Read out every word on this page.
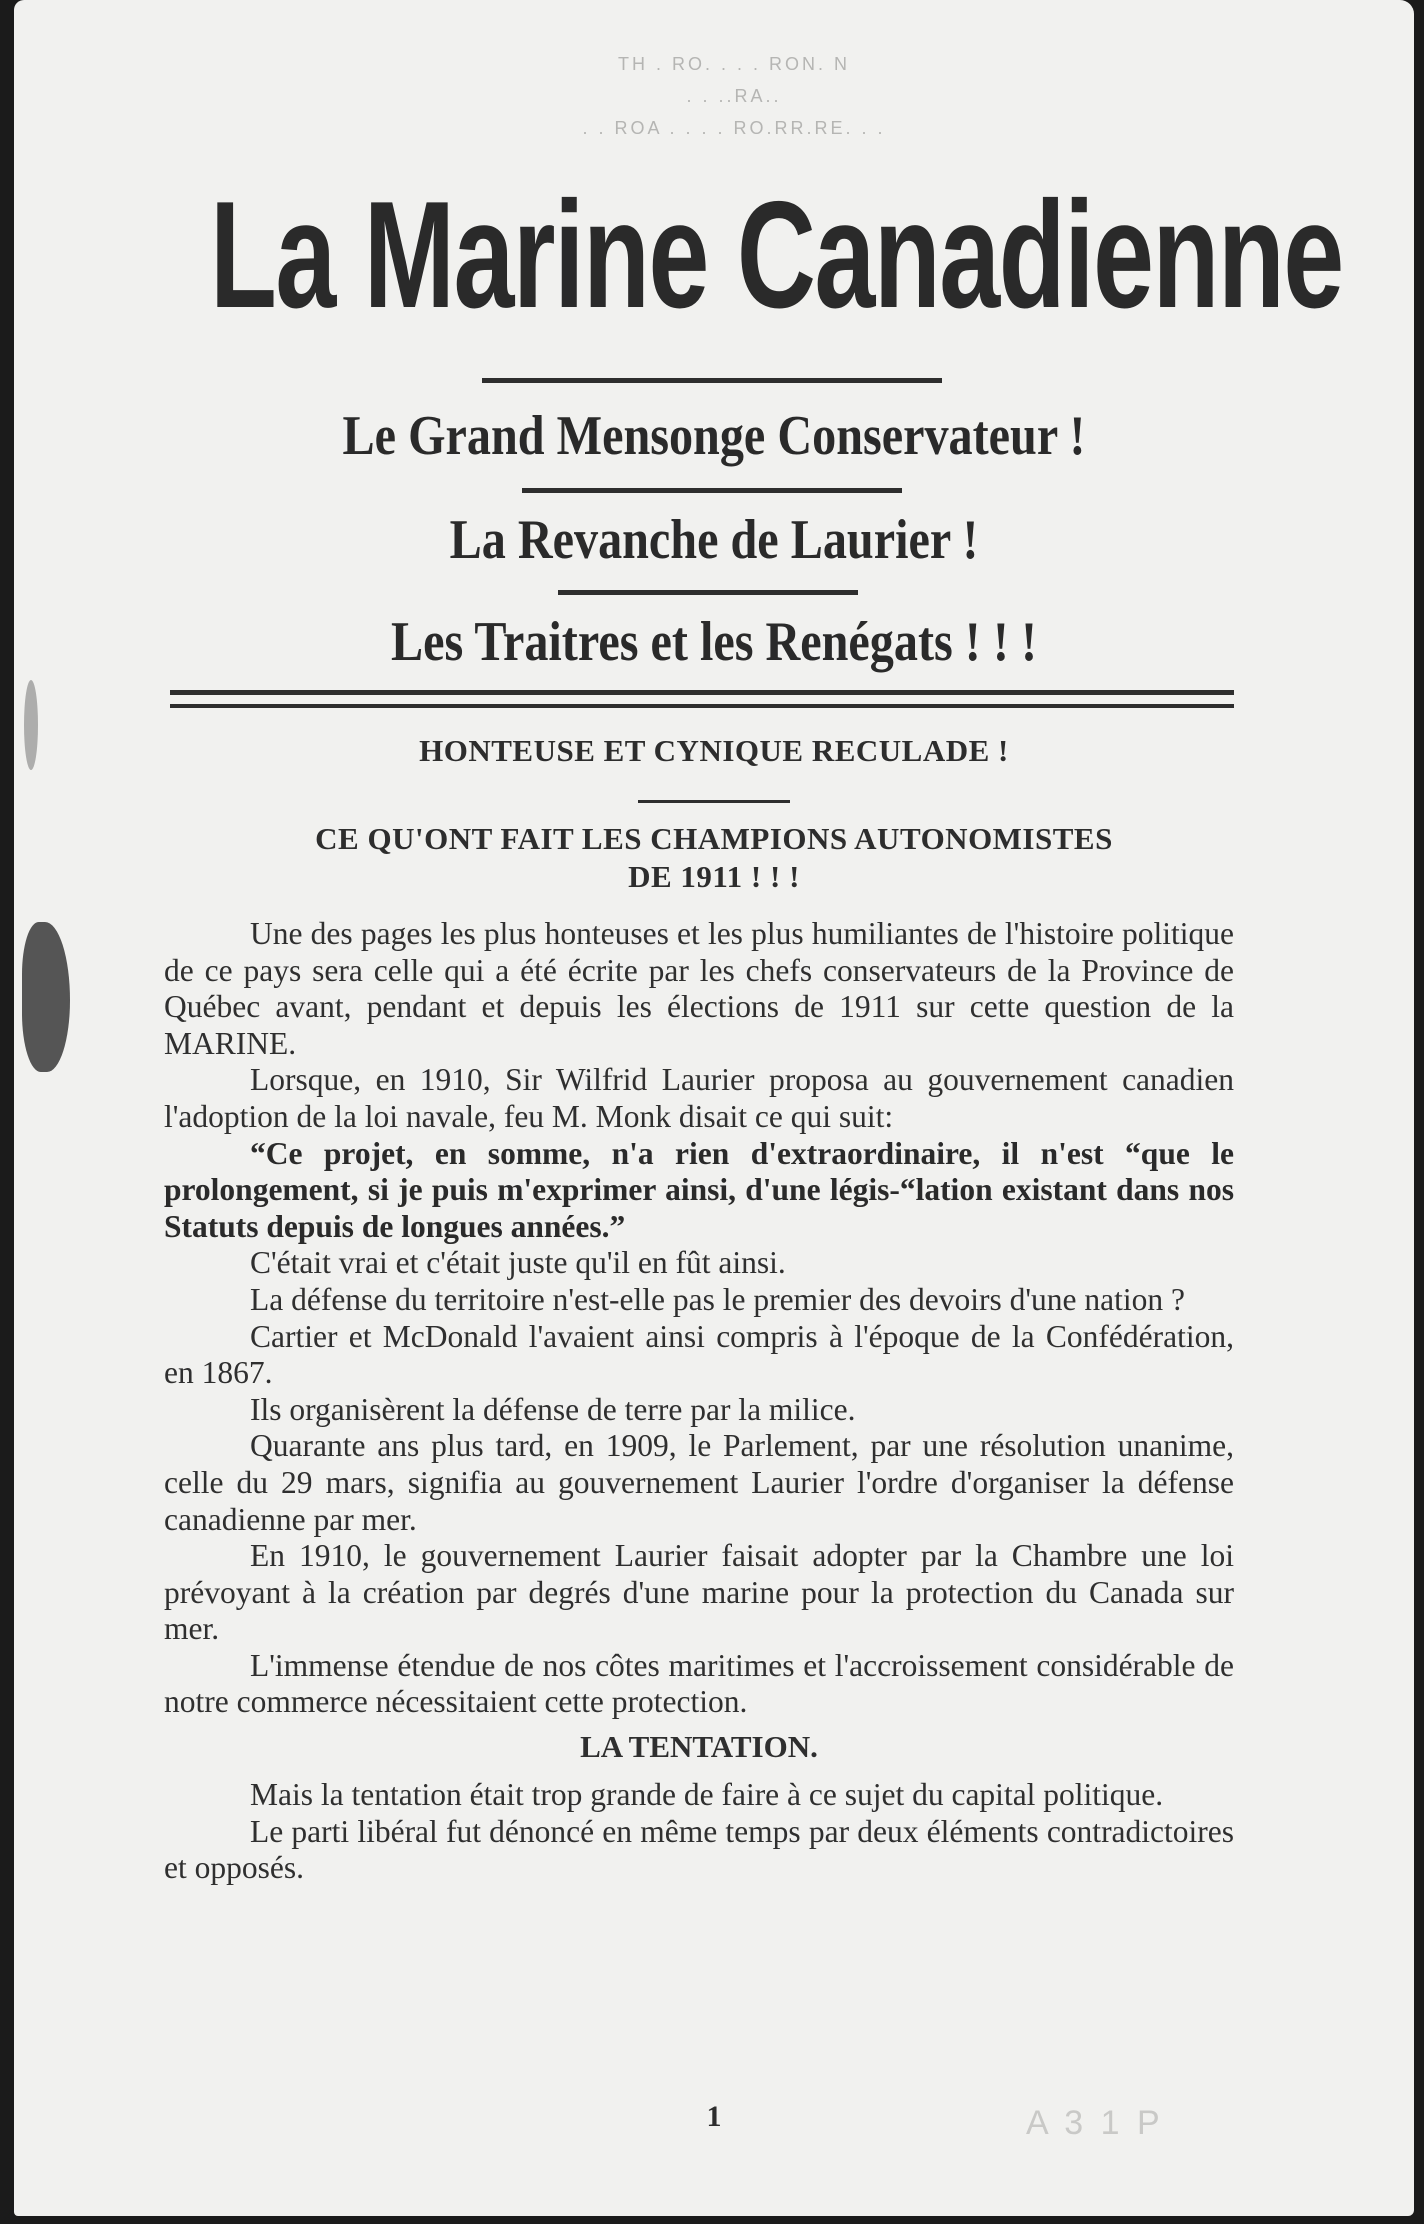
TH . RO. . . . RON. N
. . ..RA..
. . ROA . . . . RO.RR.RE. . .
La Marine Canadienne
Le Grand Mensonge Conservateur !
La Revanche de Laurier !
Les Traitres et les Renégats ! ! !
HONTEUSE ET CYNIQUE RECULADE !
CE QU'ONT FAIT LES CHAMPIONS AUTONOMISTES
DE 1911 ! ! !

Une des pages les plus honteuses et les plus humiliantes de l'histoire politique de ce pays sera celle qui a été écrite par les chefs conservateurs de la Province de Québec avant, pendant et depuis les élections de 1911 sur cette question de la MARINE.

Lorsque, en 1910, Sir Wilfrid Laurier proposa au gouvernement canadien l'adoption de la loi navale, feu M. Monk disait ce qui suit:

“Ce projet, en somme, n'a rien d'extraordinaire, il n'est “que le prolongement, si je puis m'exprimer ainsi, d'une légis-“lation existant dans nos Statuts depuis de longues années.”

C'était vrai et c'était juste qu'il en fût ainsi.

La défense du territoire n'est-elle pas le premier des devoirs d'une nation ?

Cartier et McDonald l'avaient ainsi compris à l'époque de la Confédération, en 1867.

Ils organisèrent la défense de terre par la milice.

Quarante ans plus tard, en 1909, le Parlement, par une résolution unanime, celle du 29 mars, signifia au gouvernement Laurier l'ordre d'organiser la défense canadienne par mer.

En 1910, le gouvernement Laurier faisait adopter par la Chambre une loi prévoyant à la création par degrés d'une marine pour la protection du Canada sur mer.

L'immense étendue de nos côtes maritimes et l'accroissement considérable de notre commerce nécessitaient cette protection.

LA TENTATION.

Mais la tentation était trop grande de faire à ce sujet du capital politique.

Le parti libéral fut dénoncé en même temps par deux éléments contradictoires et opposés.

1	A 3 1 P
